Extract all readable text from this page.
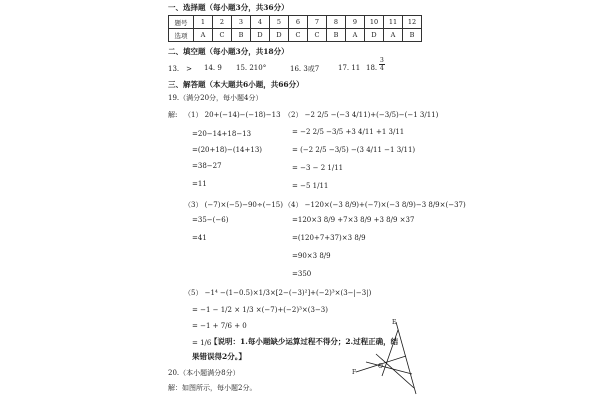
一、选择题（每小题3分，共36分）
题号	1	2	3	4	5	6	7	8	9	10	11	12
选项	A	C	B	D	D	C	C	B	A	D	A	B
二、填空题（每小题3分，共18分）
13.　> 14. 9 15. 210°	16. 3或7	17. 11 18. $\frac{3}{4}$
三、解答题（本大题共6小题，共66分）
19.（满分20分，每小题4分）
解: （1） 20+(−14)−(−18)−13
=20−14+18−13
=(20+18)−(14+13)
=38−27
=11
（2） −2 2/5 −(−3 4/11)+(−3/5)−(−1 3/11)
= −2 2/5 −3/5 +3 4/11 +1 3/11
= (−2 2/5 −3/5) −(3 4/11 −1 3/11)
= −3 − 2 1/11
= −5 1/11
（3） (−7)×(−5)−90÷(−15)
=35−(−6)
=41
（4） −120×(−3 8/9)+(−7)×(−3 8/9)−3 8/9×(−37)
=120×3 8/9 +7×3 8/9 +3 8/9 ×37
=(120+7+37)×3 8/9
=90×3 8/9
=350
（5） −1⁴ −(1−0.5)×1/3×[2−(−3)²]+(−2)³×(3−|−3|)
= −1 − 1/2 × 1/3 ×(−7)+(−2)³×(3−3)
= −1 + 7/6 + 0
= 1/6
【说明：1.每小题缺少运算过程不得分；2.过程正确，结
果错误得2分。】
20.（本小题满分8分）
解：如图所示，每小题2分。
E
F
O
